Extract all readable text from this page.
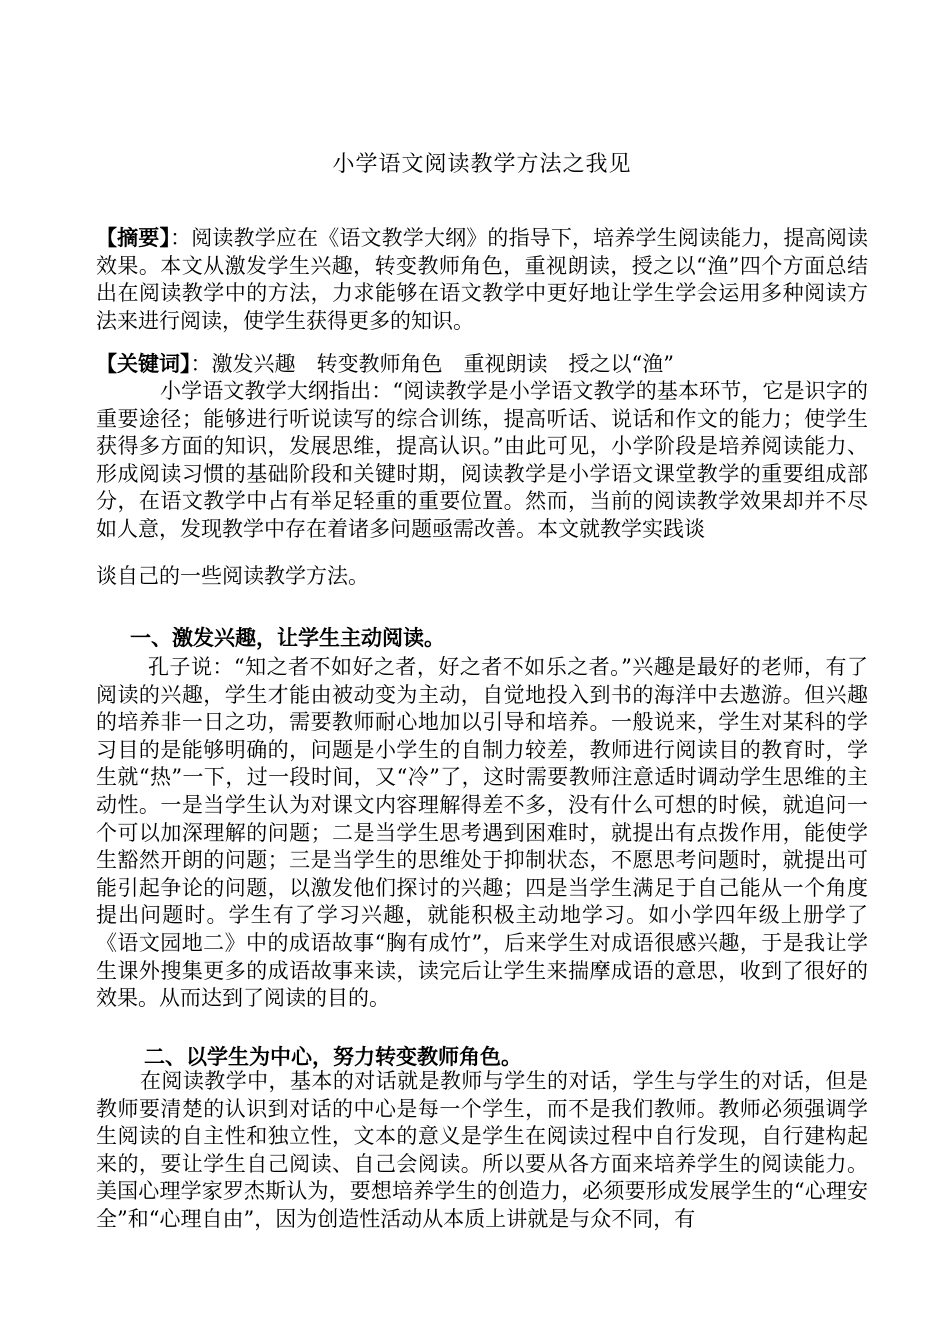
小学语文阅读教学方法之我见
【摘要】：阅读教学应在《语文教学大纲》的指导下，培养学生阅读能力，提高阅读效果。本文从激发学生兴趣，转变教师角色，重视朗读，授之以“渔”四个方面总结出在阅读教学中的方法，力求能够在语文教学中更好地让学生学会运用多种阅读方法来进行阅读，使学生获得更多的知识。
【关键词】：激发兴趣　转变教师角色　重视朗读　授之以“渔”
小学语文教学大纲指出：“阅读教学是小学语文教学的基本环节，它是识字的重要途径；能够进行听说读写的综合训练，提高听话、说话和作文的能力；使学生获得多方面的知识，发展思维，提高认识。”由此可见，小学阶段是培养阅读能力、形成阅读习惯的基础阶段和关键时期，阅读教学是小学语文课堂教学的重要组成部分，在语文教学中占有举足轻重的重要位置。然而，当前的阅读教学效果却并不尽如人意，发现教学中存在着诸多问题亟需改善。本文就教学实践谈
谈自己的一些阅读教学方法。
一、激发兴趣，让学生主动阅读。
孔子说：“知之者不如好之者，好之者不如乐之者。”兴趣是最好的老师，有了阅读的兴趣，学生才能由被动变为主动，自觉地投入到书的海洋中去遨游。但兴趣的培养非一日之功，需要教师耐心地加以引导和培养。一般说来，学生对某科的学习目的是能够明确的，问题是小学生的自制力较差，教师进行阅读目的教育时，学生就“热”一下，过一段时间，又“冷”了，这时需要教师注意适时调动学生思维的主动性。一是当学生认为对课文内容理解得差不多，没有什么可想的时候，就追问一个可以加深理解的问题；二是当学生思考遇到困难时，就提出有点拨作用，能使学生豁然开朗的问题；三是当学生的思维处于抑制状态，不愿思考问题时，就提出可能引起争论的问题，以激发他们探讨的兴趣；四是当学生满足于自己能从一个角度提出问题时。学生有了学习兴趣，就能积极主动地学习。如小学四年级上册学了《语文园地二》中的成语故事“胸有成竹”，后来学生对成语很感兴趣，于是我让学生课外搜集更多的成语故事来读，读完后让学生来揣摩成语的意思，收到了很好的效果。从而达到了阅读的目的。
二、以学生为中心，努力转变教师角色。
在阅读教学中，基本的对话就是教师与学生的对话，学生与学生的对话，但是教师要清楚的认识到对话的中心是每一个学生，而不是我们教师。教师必须强调学生阅读的自主性和独立性，文本的意义是学生在阅读过程中自行发现，自行建构起来的，要让学生自己阅读、自己会阅读。所以要从各方面来培养学生的阅读能力。美国心理学家罗杰斯认为，要想培养学生的创造力，必须要形成发展学生的“心理安全”和“心理自由”，因为创造性活动从本质上讲就是与众不同，有
